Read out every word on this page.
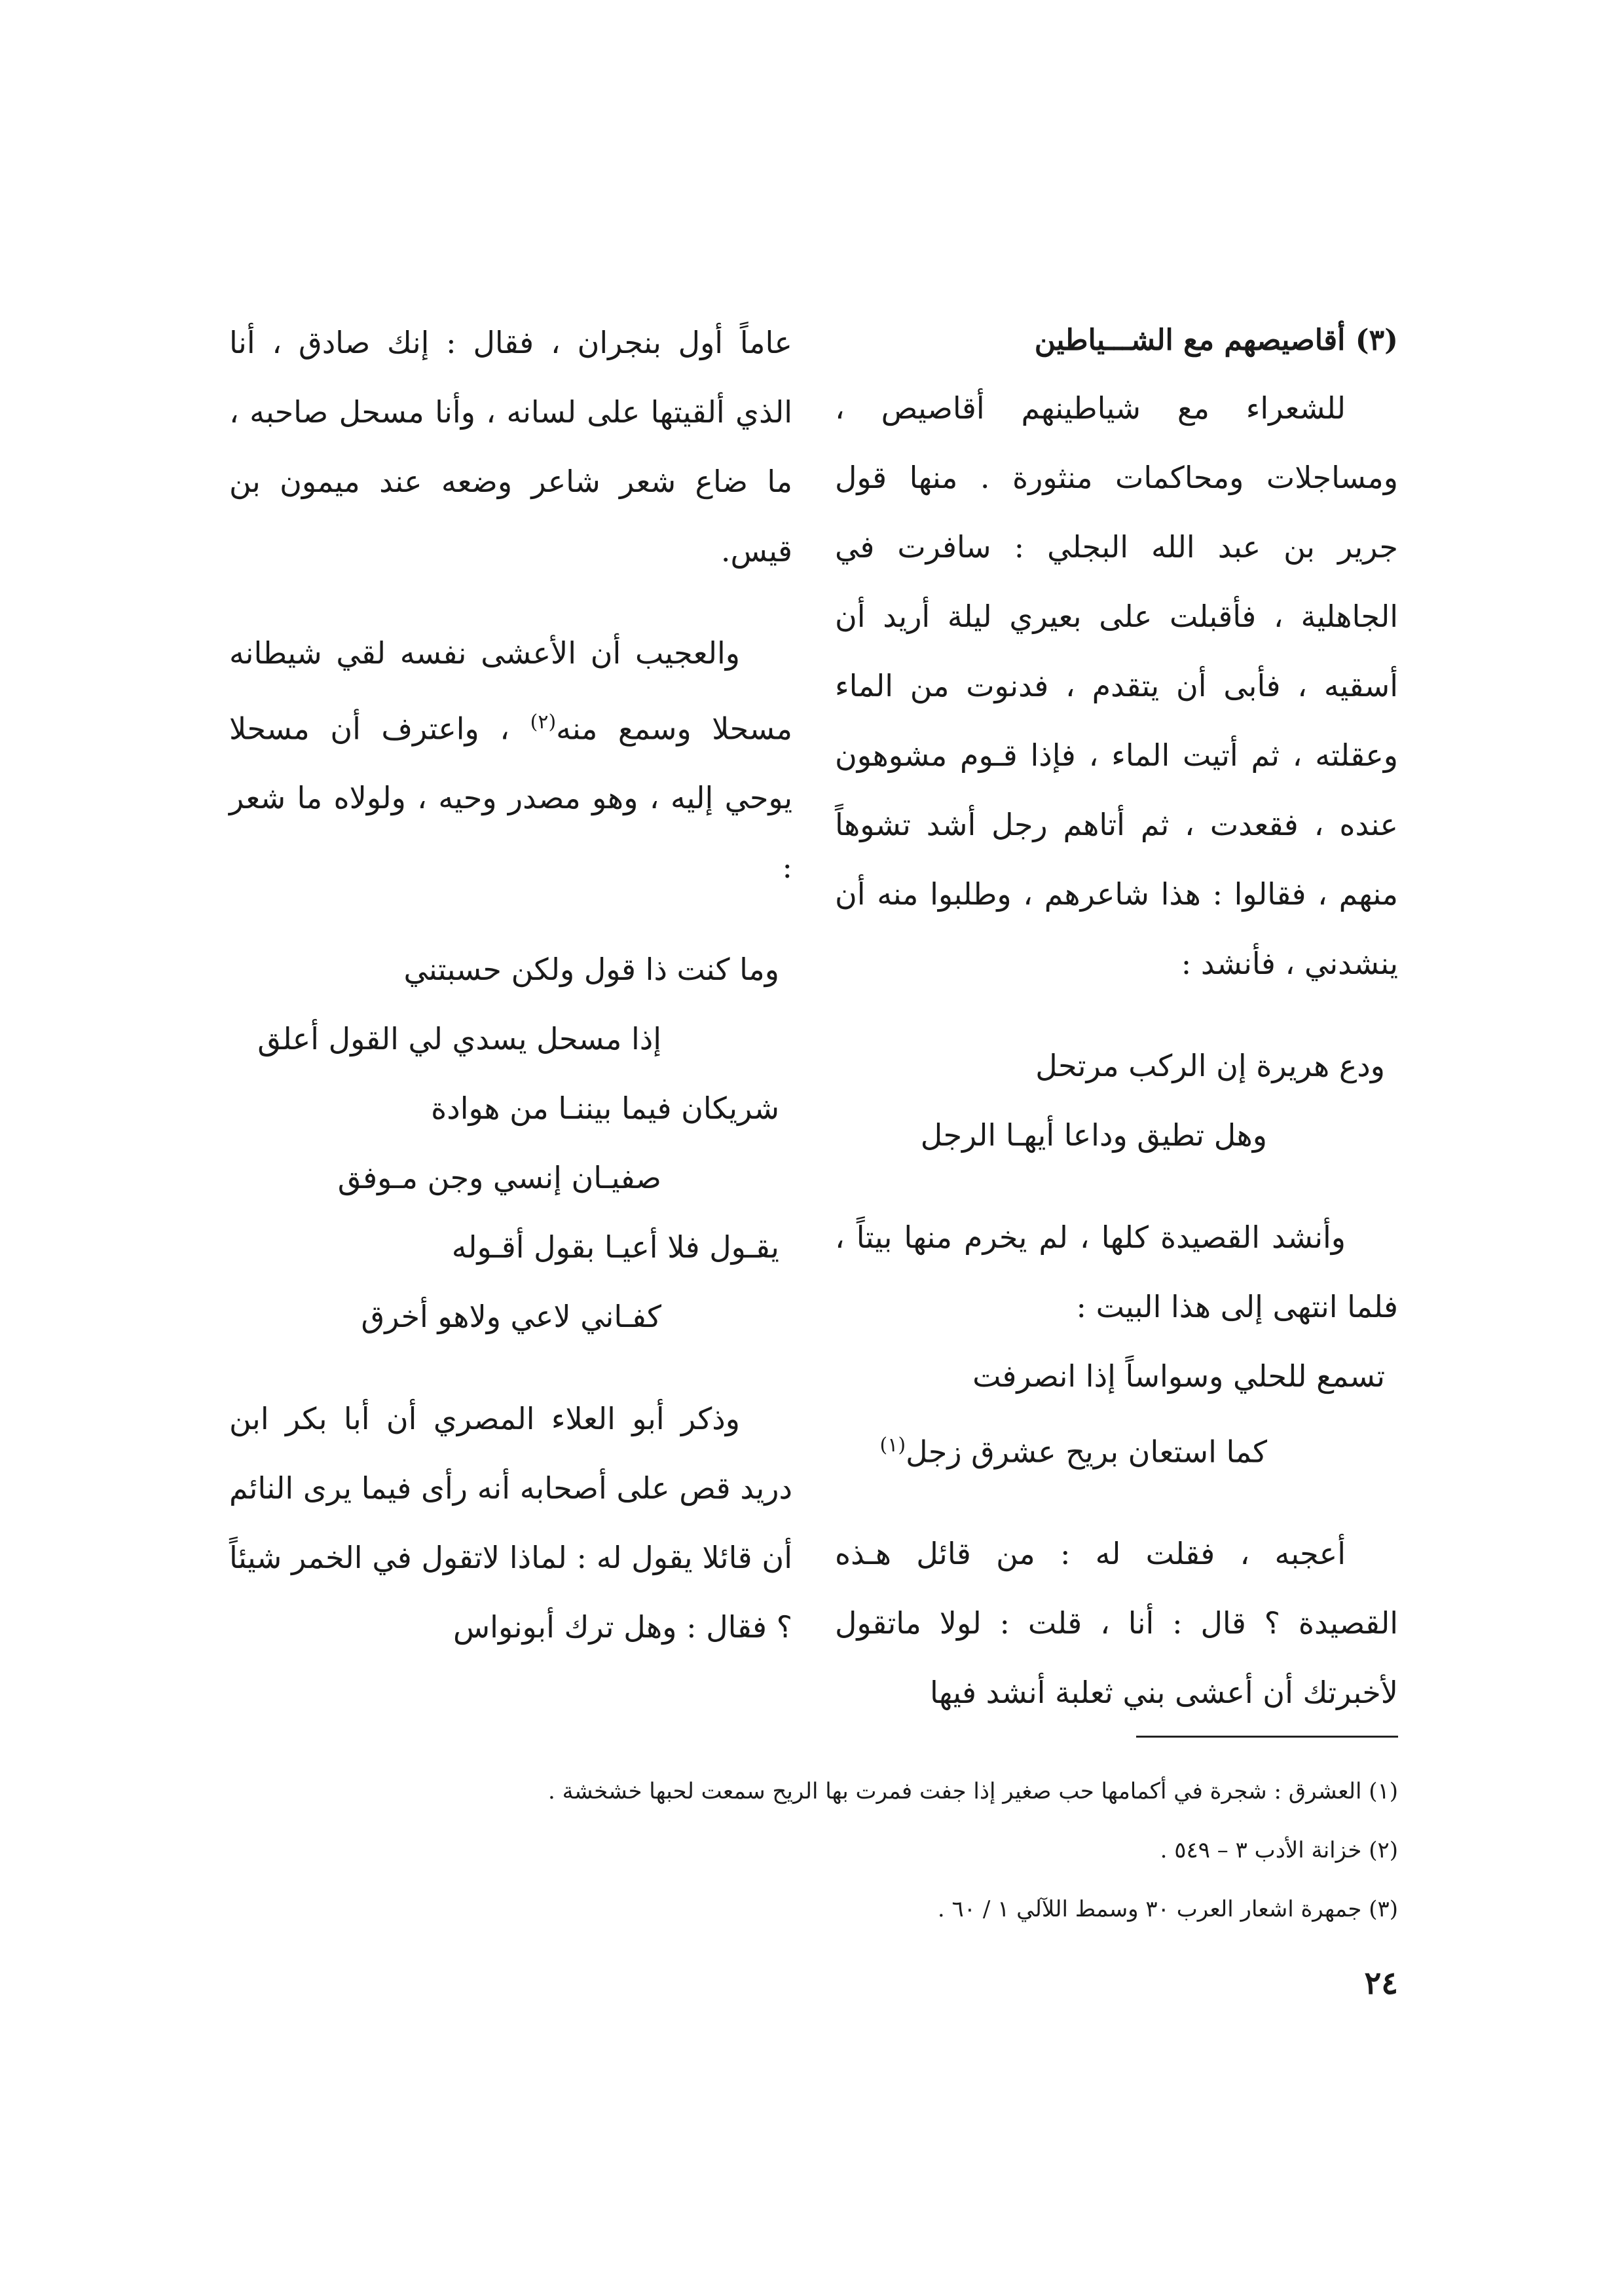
(٣) أقاصيصهم مع الشـــياطين

للشعراء مع شياطينهم أقاصيص ، ومساجلات ومحاكمات منثورة . منها قول جرير بن عبد الله البجلي : سافرت في الجاهلية ، فأقبلت على بعيري ليلة أريد أن أسقيه ، فأبى أن يتقدم ، فدنوت من الماء وعقلته ، ثم أتيت الماء ، فإذا قـوم مشوهون عنده ، فقعدت ، ثم أتاهم رجل أشد تشوهاً منهم ، فقالوا : هذا شاعرهم ، وطلبوا منه أن ينشدني ، فأنشد :

ودع هريرة إن الركب مرتحل

وهل تطيق وداعا أيهـا الرجل

وأنشد القصيدة كلها ، لم يخرم منها بيتاً ، فلما انتهى إلى هذا البيت :

تسمع للحلي وسواساً إذا انصرفت

كما استعان بريح عشرق زجل$^{(١)}$

أعجبه ، فقلت له : من قائل هـذه القصيدة ؟ قال : أنا ، قلت : لولا ماتقول لأخبرتك أن أعشى بني ثعلبة أنشد فيها

عاماً أول بنجران ، فقال : إنك صادق ، أنا الذي ألقيتها على لسانه ، وأنا مسحل صاحبه ، ما ضاع شعر شاعر وضعه عند ميمون بن قيس.

والعجيب أن الأعشى نفسه لقي شيطانه مسحلا وسمع منه$^{(٢)}$ ، واعترف أن مسحلا يوحي إليه ، وهو مصدر وحيه ، ولولاه ما شعر :

وما كنت ذا قول ولكن حسبتني

إذا مسحل يسدي لي القول أعلق

شريكان فيما بيننـا من هوادة

صفيـان إنسي وجن مـوفق

يقـول فلا أعيـا بقول أقـوله

كفـاني لاعي ولاهو أخرق

وذكر أبو العلاء المصري أن أبا بكر ابن دريد قص على أصحابه أنه رأى فيما يرى النائم أن قائلا يقول له : لماذا لاتقول في الخمر شيئاً ؟ فقال : وهل ترك أبونواس

(١) العشرق : شجرة في أكمامها حب صغير إذا جفت فمرت بها الريح سمعت لحبها خشخشة .

(٢) خزانة الأدب ٣ – ٥٤٩ .

(٣) جمهرة اشعار العرب ٣٠ وسمط اللآلي ١ / ٦٠ .

٢٤
